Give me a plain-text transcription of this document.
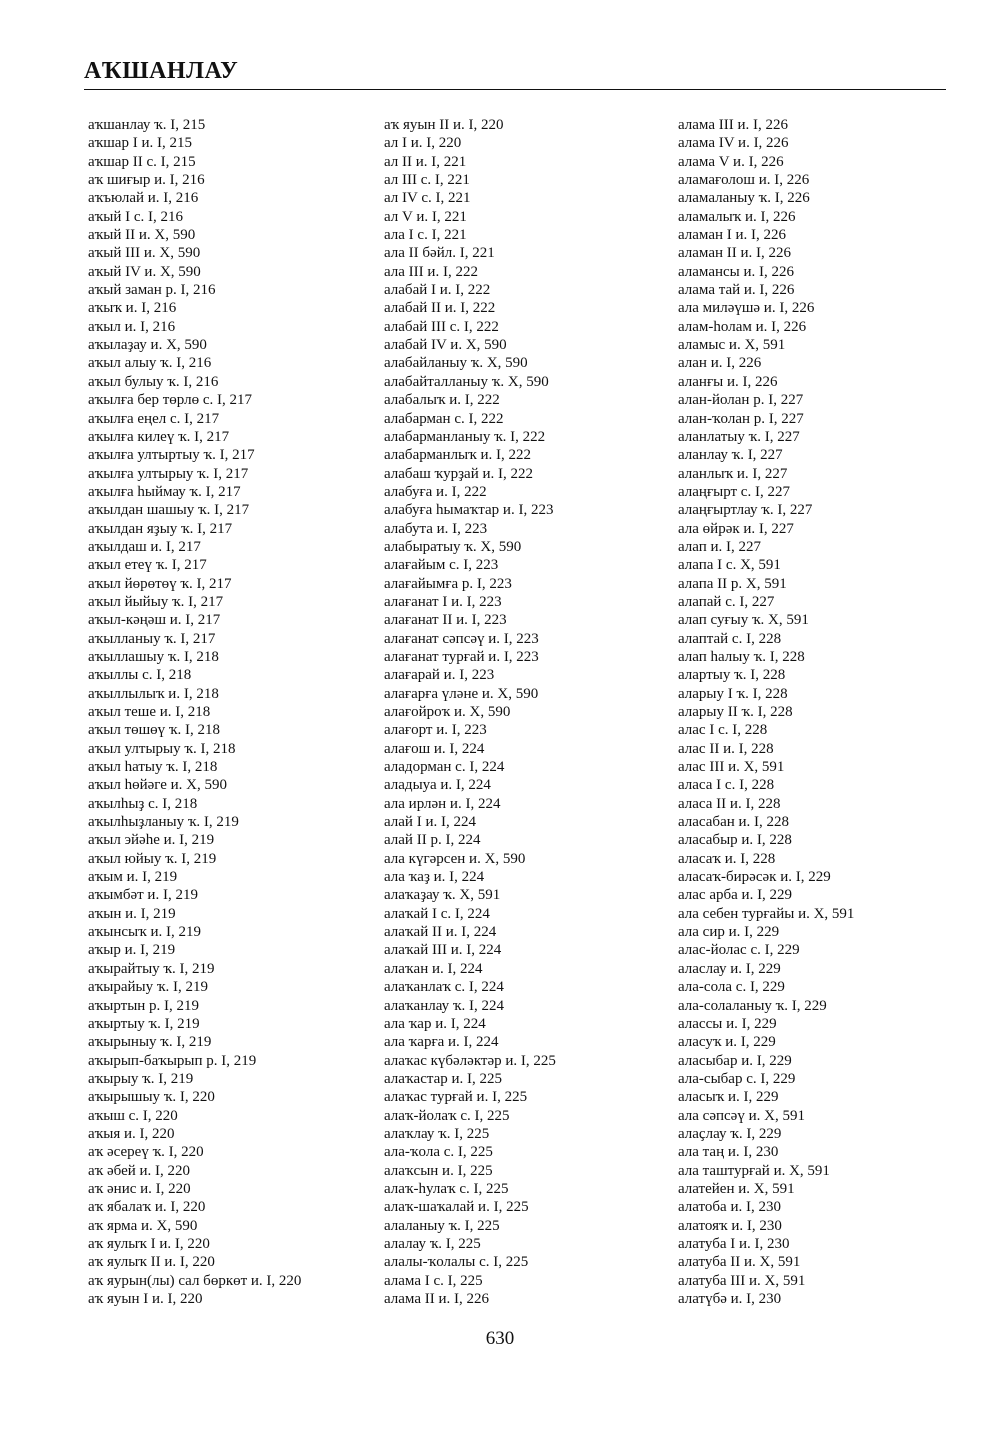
АҠШАНЛАУ
аҡшанлау ҡ. I, 215
аҡшар I и. I, 215
аҡшар II с. I, 215
аҡ шиғыр и. I, 216
аҡъюлай и. I, 216
аҡый I с. I, 216
аҡый II и. X, 590
аҡый III и. X, 590
аҡый IV и. X, 590
аҡый заман р. I, 216
аҡыҡ и. I, 216
аҡыл и. I, 216
аҡылаҙау и. X, 590
аҡыл алыу ҡ. I, 216
аҡыл булыу ҡ. I, 216
аҡылға бер төрлө с. I, 217
аҡылға еңел с. I, 217
аҡылға килеү ҡ. I, 217
аҡылға ултыртыу ҡ. I, 217
аҡылға ултырыу ҡ. I, 217
аҡылға һыймау ҡ. I, 217
аҡылдан шашыу ҡ. I, 217
аҡылдан яҙыу ҡ. I, 217
аҡылдаш и. I, 217
аҡыл етеү ҡ. I, 217
аҡыл йөрөтөү ҡ. I, 217
аҡыл йыйыу ҡ. I, 217
аҡыл-кәңәш и. I, 217
аҡылланыу ҡ. I, 217
аҡыллашыу ҡ. I, 218
аҡыллы с. I, 218
аҡыллылыҡ и. I, 218
аҡыл теше и. I, 218
аҡыл төшөү ҡ. I, 218
аҡыл ултырыу ҡ. I, 218
аҡыл һатыу ҡ. I, 218
аҡыл һөйәге и. X, 590
аҡылһыҙ с. I, 218
аҡылһыҙланыу ҡ. I, 219
аҡыл эйәһе и. I, 219
аҡыл юйыу ҡ. I, 219
аҡым и. I, 219
аҡымбәт и. I, 219
аҡын и. I, 219
аҡынсыҡ и. I, 219
аҡыр и. I, 219
аҡырайтыу ҡ. I, 219
аҡырайыу ҡ. I, 219
аҡыртын р. I, 219
аҡыртыу ҡ. I, 219
аҡырыныу ҡ. I, 219
аҡырып-баҡырып р. I, 219
аҡырыу ҡ. I, 219
аҡырышыу ҡ. I, 220
аҡыш с. I, 220
аҡыя и. I, 220
аҡ әсереү ҡ. I, 220
аҡ әбей и. I, 220
аҡ әнис и. I, 220
аҡ ябалаҡ и. I, 220
аҡ ярма и. X, 590
аҡ яулыҡ I и. I, 220
аҡ яулыҡ II и. I, 220
аҡ яурын(лы) сал бөркөт и. I, 220
аҡ яуын I и. I, 220
аҡ яуын II и. I, 220
ал I и. I, 220
ал II и. I, 221
ал III с. I, 221
ал IV с. I, 221
ал V и. I, 221
ала I с. I, 221
ала II бәйл. I, 221
ала III и. I, 222
алабай I и. I, 222
алабай II и. I, 222
алабай III с. I, 222
алабай IV и. X, 590
алабайланыу ҡ. X, 590
алабайталланыу ҡ. X, 590
алабалыҡ и. I, 222
алабарман с. I, 222
алабарманланыу ҡ. I, 222
алабарманлыҡ и. I, 222
алабаш ҡурҙай и. I, 222
алабуға и. I, 222
алабуға һымаҡтар и. I, 223
алабута и. I, 223
алабыратыу ҡ. X, 590
алағайым с. I, 223
алағайымға р. I, 223
алағанат I и. I, 223
алағанат II и. I, 223
алағанат сәпсәү и. I, 223
алағанат турғай и. I, 223
алағарай и. I, 223
алағарға үләне и. X, 590
алағойроҡ и. X, 590
алағорт и. I, 223
алағош и. I, 224
аладорман с. I, 224
аладыуа и. I, 224
ала ирлән и. I, 224
алай I и. I, 224
алай II р. I, 224
ала күгәрсен и. X, 590
ала ҡаҙ и. I, 224
алаҡаҙау ҡ. X, 591
алаҡай I с. I, 224
алаҡай II и. I, 224
алаҡай III и. I, 224
алаҡан и. I, 224
алаҡанлаҡ с. I, 224
алаҡанлау ҡ. I, 224
ала ҡар и. I, 224
ала ҡарға и. I, 224
алаҡас күбәләктәр и. I, 225
алаҡастар и. I, 225
алаҡас турғай и. I, 225
алаҡ-йолаҡ с. I, 225
алаҡлау ҡ. I, 225
ала-ҡола с. I, 225
алаҡсын и. I, 225
алаҡ-һулаҡ с. I, 225
алаҡ-шаҡалай и. I, 225
алаланыу ҡ. I, 225
алалау ҡ. I, 225
алалы-ҡолалы с. I, 225
алама I с. I, 225
алама II и. I, 226
алама III и. I, 226
алама IV и. I, 226
алама V и. I, 226
аламағолош и. I, 226
аламаланыу ҡ. I, 226
аламалыҡ и. I, 226
аламан I и. I, 226
аламан II и. I, 226
аламансы и. I, 226
алама тай и. I, 226
ала миләүшә и. I, 226
алам-һолам и. I, 226
аламыс и. X, 591
алан и. I, 226
аланғы и. I, 226
алан-йолан р. I, 227
алан-ҡолан р. I, 227
аланлатыу ҡ. I, 227
аланлау ҡ. I, 227
аланлыҡ и. I, 227
алаңғырт с. I, 227
алаңғыртлау ҡ. I, 227
ала өйрәк и. I, 227
алап и. I, 227
алапа I с. X, 591
алапа II р. X, 591
алапай с. I, 227
алап суғыу ҡ. X, 591
алаптай с. I, 228
алап һалыу ҡ. I, 228
алартыу ҡ. I, 228
аларыу I ҡ. I, 228
аларыу II ҡ. I, 228
алас I с. I, 228
алас II и. I, 228
алас III и. X, 591
аласа I с. I, 228
аласа II и. I, 228
аласабан и. I, 228
аласабыр и. I, 228
аласаҡ и. I, 228
аласаҡ-бирәсәк и. I, 229
алас арба и. I, 229
ала себен турғайы и. X, 591
ала сир и. I, 229
алас-йолас с. I, 229
аласлау и. I, 229
ала-сола с. I, 229
ала-солаланыу ҡ. I, 229
алассы и. I, 229
аласуҡ и. I, 229
аласыбар и. I, 229
ала-сыбар с. I, 229
аласыҡ и. I, 229
ала сәпсәү и. X, 591
алаҫлау ҡ. I, 229
ала таң и. I, 230
ала таштурғай и. X, 591
алатейен и. X, 591
алатоба и. I, 230
алатояҡ и. I, 230
алатуба I и. I, 230
алатуба II и. X, 591
алатуба III и. X, 591
алатүбә и. I, 230
630
